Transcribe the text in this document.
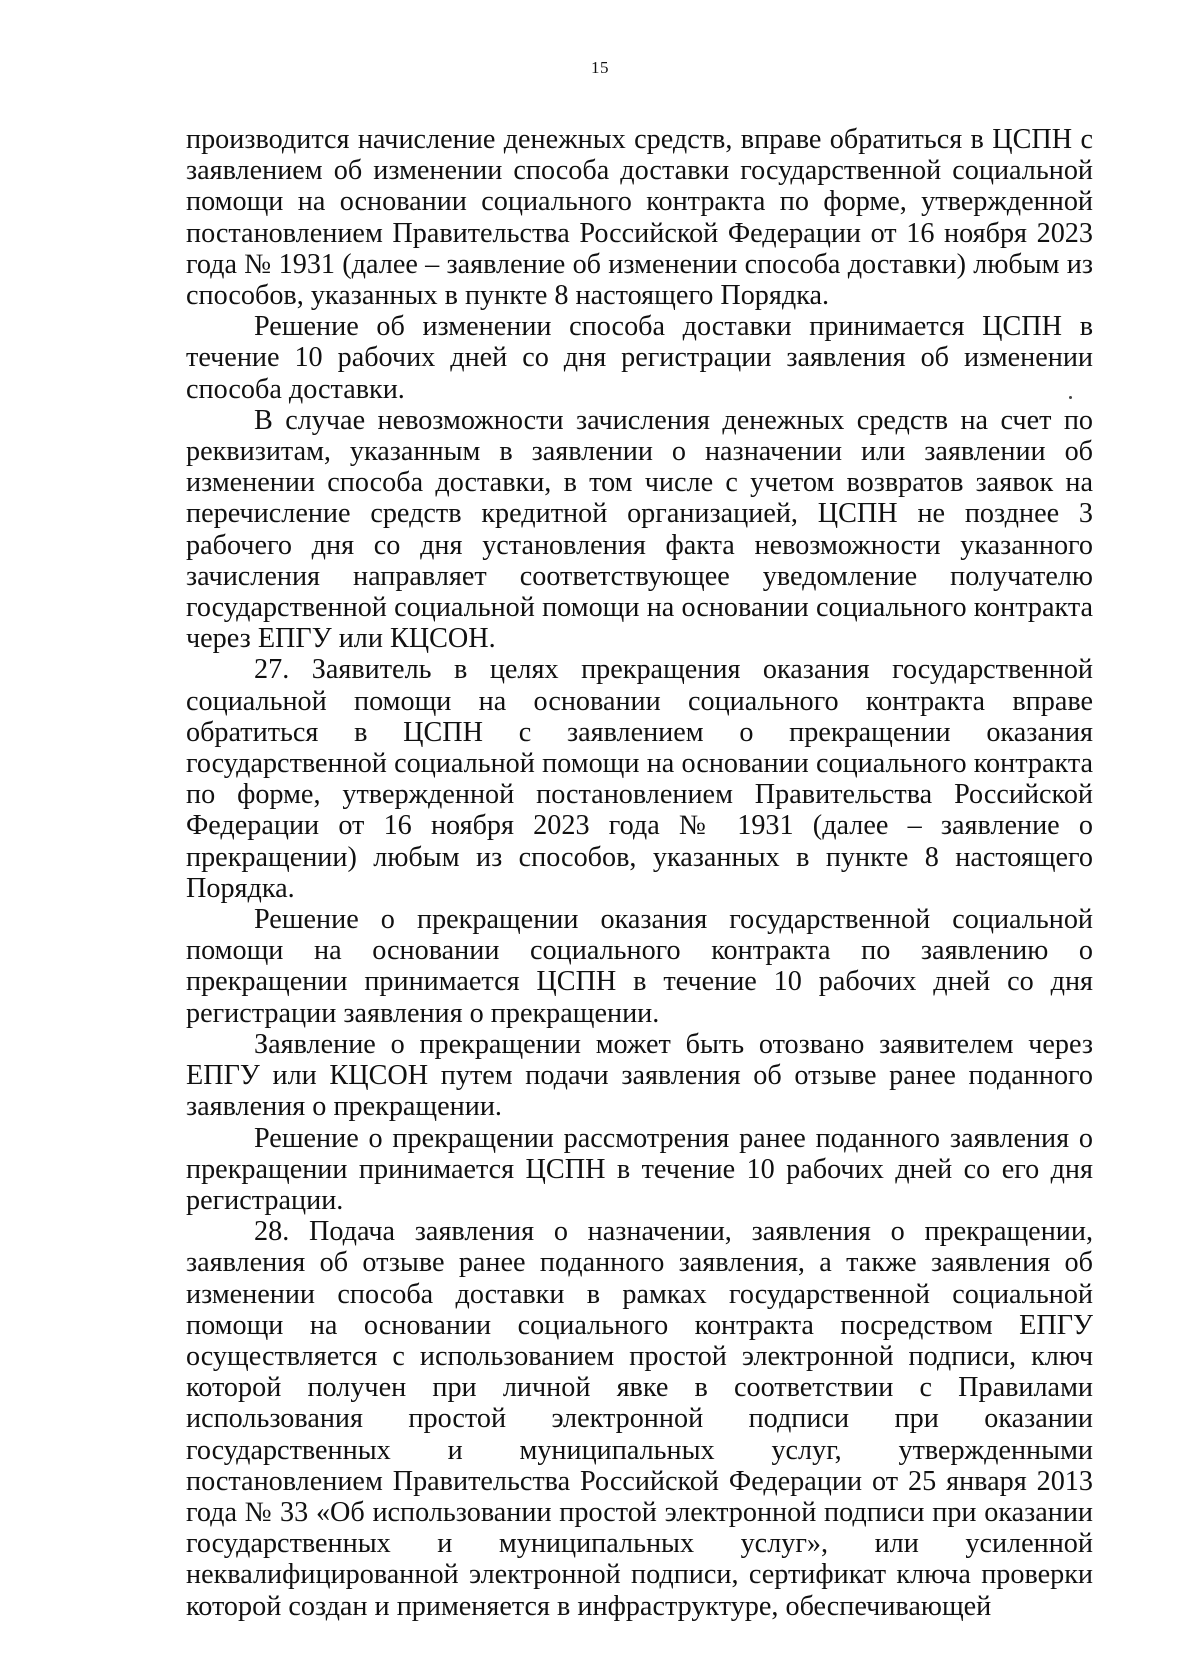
15

производится начисление денежных средств, вправе обратиться в ЦСПН с заявлением об изменении способа доставки государственной социальной помощи на основании социального контракта по форме, утвержденной постановлением Правительства Российской Федерации от 16 ноября 2023 года № 1931 (далее – заявление об изменении способа доставки) любым из способов, указанных в пункте 8 настоящего Порядка.

Решение об изменении способа доставки принимается ЦСПН в течение 10 рабочих дней со дня регистрации заявления об изменении способа доставки.

В случае невозможности зачисления денежных средств на счет по реквизитам, указанным в заявлении о назначении или заявлении об изменении способа доставки, в том числе с учетом возвратов заявок на перечисление средств кредитной организацией, ЦСПН не позднее 3 рабочего дня со дня установления факта невозможности указанного зачисления направляет соответствующее уведомление получателю государственной социальной помощи на основании социального контракта через ЕПГУ или КЦСОН.

27. Заявитель в целях прекращения оказания государственной социальной помощи на основании социального контракта вправе обратиться в ЦСПН с заявлением о прекращении оказания государственной социальной помощи на основании социального контракта по форме, утвержденной постановлением Правительства Российской Федерации от 16 ноября 2023 года № 1931 (далее – заявление о прекращении) любым из способов, указанных в пункте 8 настоящего Порядка.

Решение о прекращении оказания государственной социальной помощи на основании социального контракта по заявлению о прекращении принимается ЦСПН в течение 10 рабочих дней со дня регистрации заявления о прекращении.

Заявление о прекращении может быть отозвано заявителем через ЕПГУ или КЦСОН путем подачи заявления об отзыве ранее поданного заявления о прекращении.

Решение о прекращении рассмотрения ранее поданного заявления о прекращении принимается ЦСПН в течение 10 рабочих дней со его дня регистрации.

28. Подача заявления о назначении, заявления о прекращении, заявления об отзыве ранее поданного заявления, а также заявления об изменении способа доставки в рамках государственной социальной помощи на основании социального контракта посредством ЕПГУ осуществляется с использованием простой электронной подписи, ключ которой получен при личной явке в соответствии с Правилами использования простой электронной подписи при оказании государственных и муниципальных услуг, утвержденными постановлением Правительства Российской Федерации от 25 января 2013 года № 33 «Об использовании простой электронной подписи при оказании государственных и муниципальных услуг», или усиленной неквалифицированной электронной подписи, сертификат ключа проверки которой создан и применяется в инфраструктуре, обеспечивающей
